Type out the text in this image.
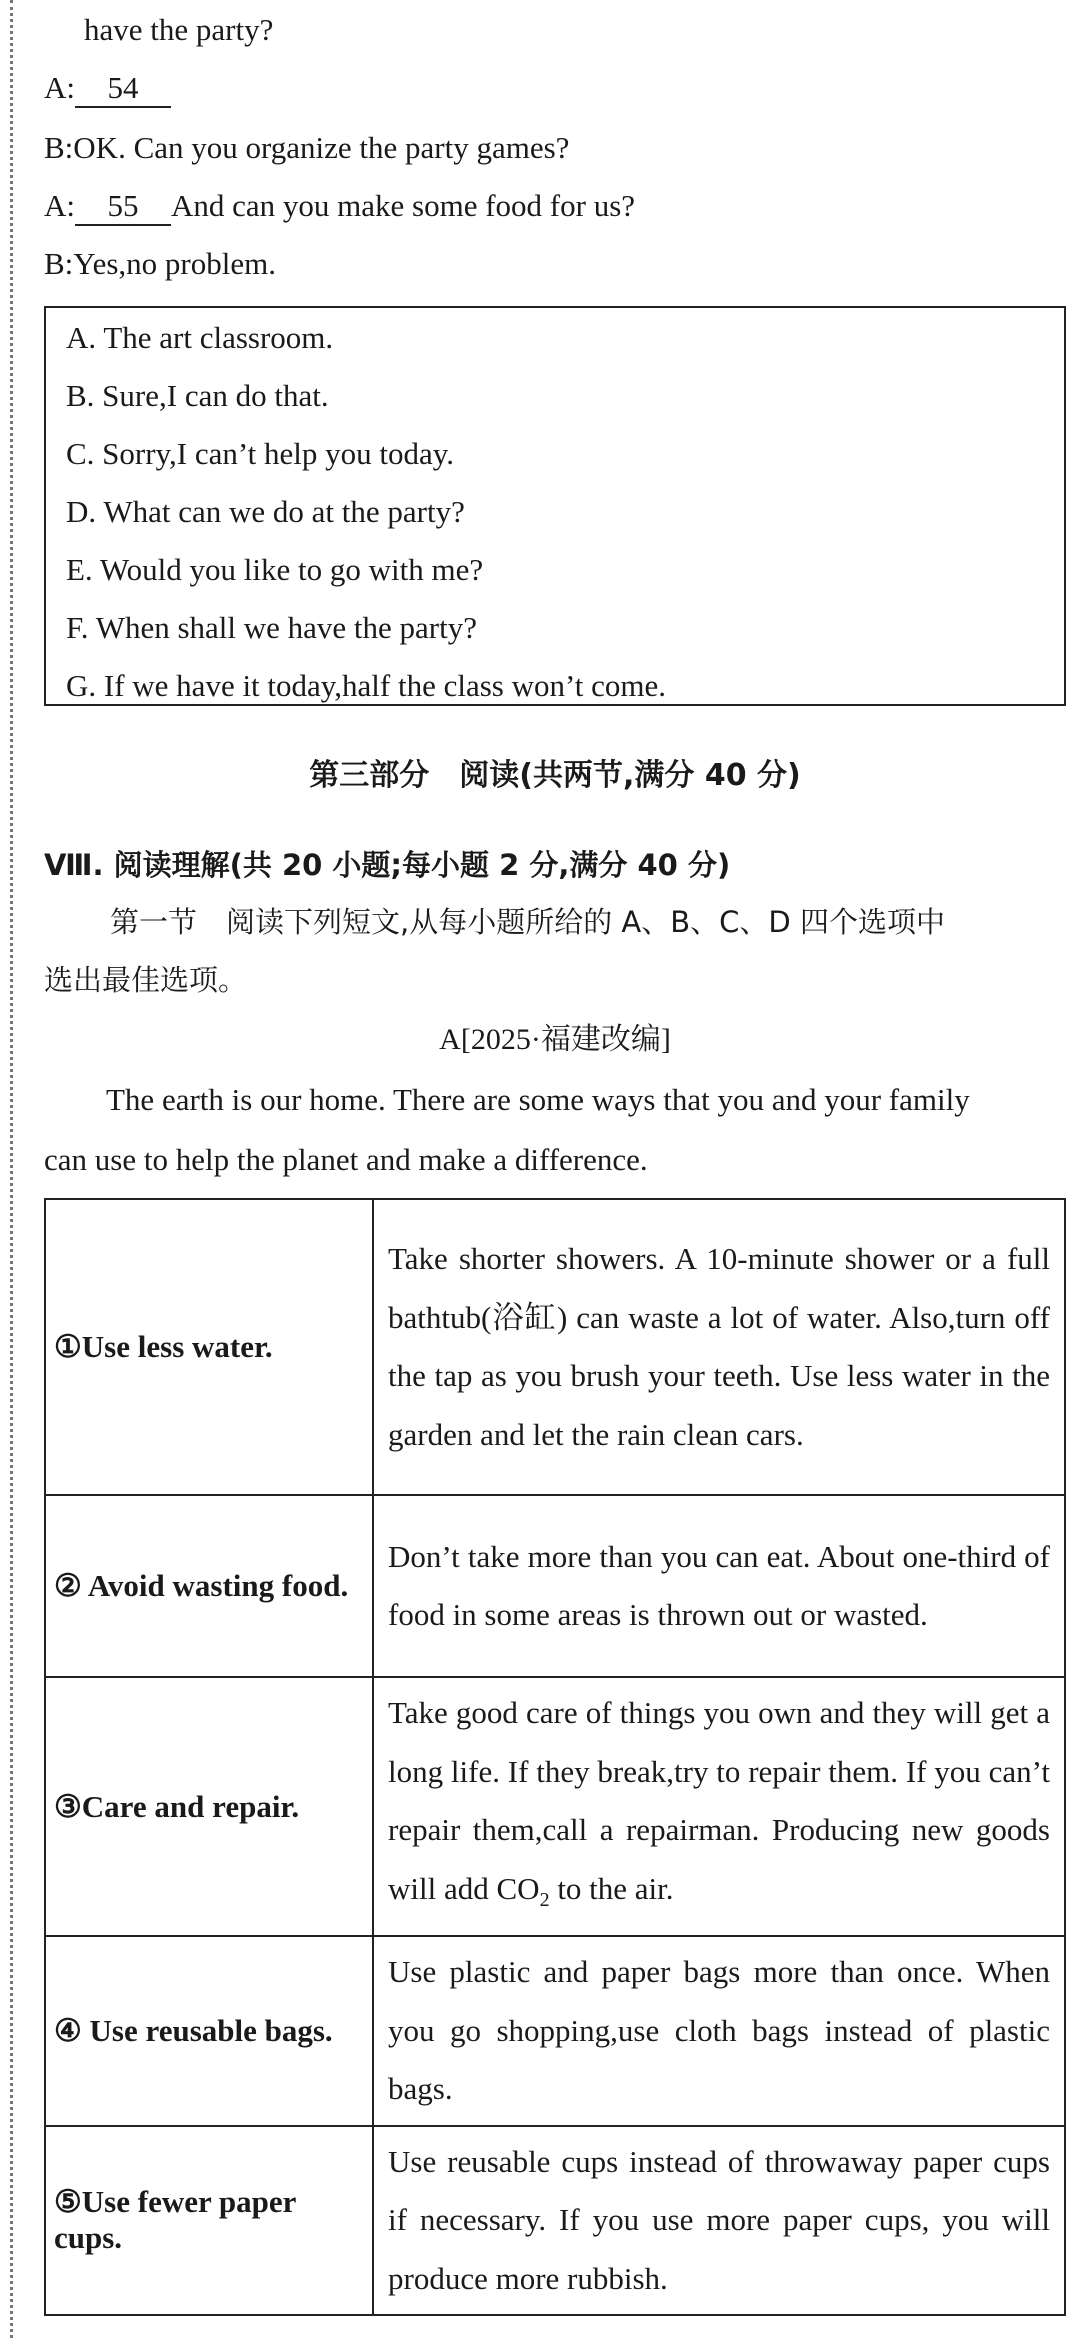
have the party?
A: 54
B:OK. Can you organize the party games?
A: 55 And can you make some food for us?
B:Yes,no problem.
A. The art classroom.
B. Sure,I can do that.
C. Sorry,I can’t help you today.
D. What can we do at the party?
E. Would you like to go with me?
F. When shall we have the party?
G. If we have it today,half the class won’t come.
第三部分　阅读(共两节,满分 40 分)
Ⅷ. 阅读理解(共 20 小题;每小题 2 分,满分 40 分)
第一节　阅读下列短文,从每小题所给的 A、B、C、D 四个选项中
选出最佳选项。
A[2025·福建改编]
The earth is our home. There are some ways that you and your family
can use to help the planet and make a difference.
①Use less water.	Take shorter showers. A 10-minute shower or a full bathtub(浴缸) can waste a lot of water. Also,turn off the tap as you brush your teeth. Use less water in the garden and let the rain clean cars.
② Avoid wasting food.	Don’t take more than you can eat. About one-third of food in some areas is thrown out or wasted.
③Care and repair.	Take good care of things you own and they will get a long life. If they break,try to repair them. If you can’t repair them,call a repairman. Producing new goods will add $CO_2$ to the air.
④ Use reusable bags.	Use plastic and paper bags more than once. When you go shopping,use cloth bags instead of plastic bags.
⑤Use fewer paper cups.	Use reusable cups instead of throwaway paper cups if necessary. If you use more paper cups, you will produce more rubbish.
